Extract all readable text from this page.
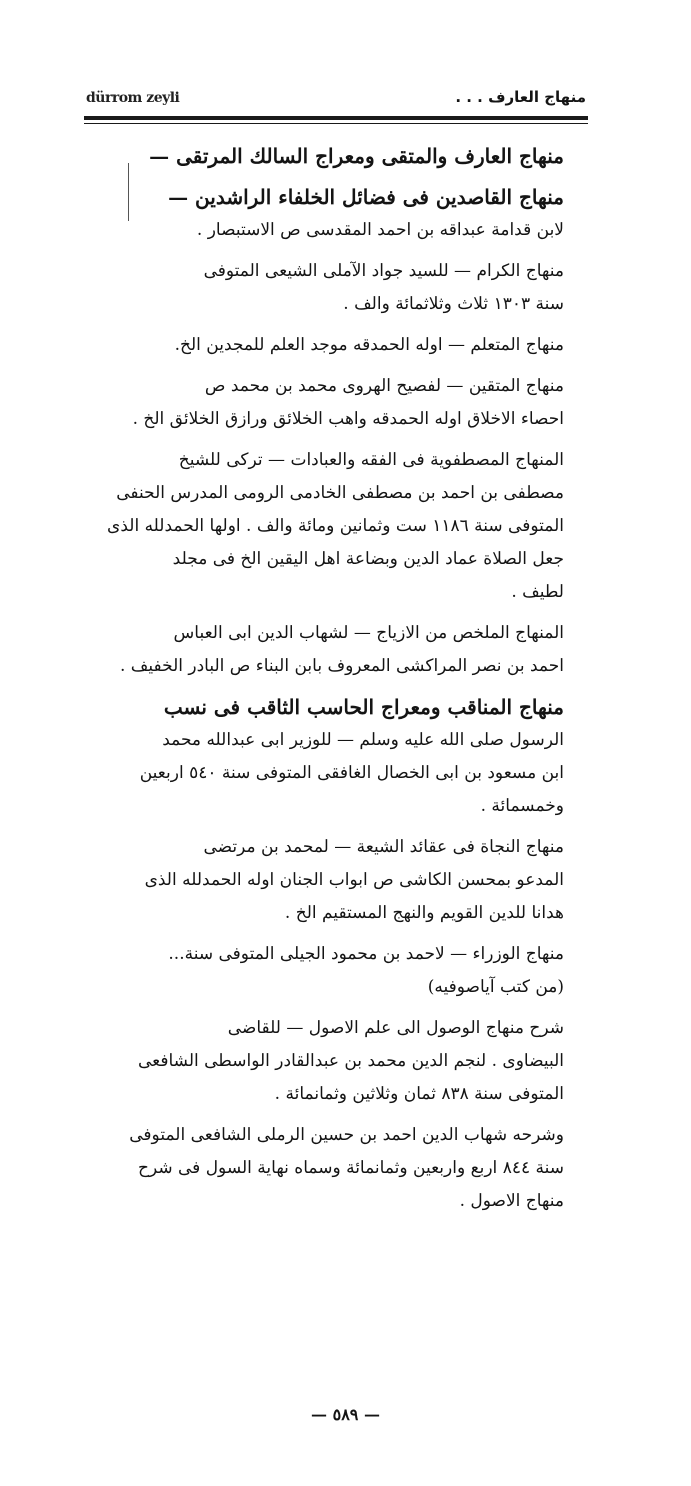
dürrom zeyli	منهاج العارف . . .
منهاج العارف والمتقى ومعراج السالك المرتقى —
منهاج القاصدين فى فضائل الخلفاء الراشدين —
لابن قدامة عبداقه بن احمد المقدسى ص الاستبصار .
منهاج الكرام — للسيد جواد الآملى الشيعى المتوفى
سنة ١٣٠٣ ثلاث وثلاثمائة والف .
منهاج المتعلم — اوله الحمدقه موجد العلم للمجدين الخ.
منهاج المتقين — لفصيح الهروى محمد بن محمد ص
احصاء الاخلاق اوله الحمدقه واهب الخلائق ورازق الخلائق الخ .
المنهاج المصطفوية فى الفقه والعبادات — تركى للشيخ
مصطفى بن احمد بن مصطفى الخادمى الرومى المدرس الحنفى
المتوفى سنة ١١٨٦ ست وثمانين ومائة والف . اولها الحمدلله الذى
جعل الصلاة عماد الدين وبضاعة اهل اليقين الخ فى مجلد
لطيف .
المنهاج الملخص من الازياج — لشهاب الدين ابى العباس
احمد بن نصر المراكشى المعروف بابن البناء ص البادر الخفيف .
منهاج المناقب ومعراج الحاسب الثاقب فى نسب
الرسول صلى الله عليه وسلم — للوزير ابى عبدالله محمد
ابن مسعود بن ابى الخصال الغافقى المتوفى سنة ٥٤٠ اربعين
وخمسمائة .
منهاج النجاة فى عقائد الشيعة — لمحمد بن مرتضى
المدعو بمحسن الكاشى ص ابواب الجنان اوله الحمدلله الذى
هدانا للدين القويم والنهج المستقيم الخ .
منهاج الوزراء — لاحمد بن محمود الجيلى المتوفى سنة...
(من كتب آياصوفيه)
شرح منهاج الوصول الى علم الاصول — للقاضى
البيضاوى . لنجم الدين محمد بن عبدالقادر الواسطى الشافعى
المتوفى سنة ٨٣٨ ثمان وثلاثين وثمانمائة .
وشرحه شهاب الدين احمد بن حسين الرملى الشافعى المتوفى
سنة ٨٤٤ اربع واربعين وثمانمائة وسماه نهاية السول فى شرح
منهاج الاصول .
— ٥٨٩ —
